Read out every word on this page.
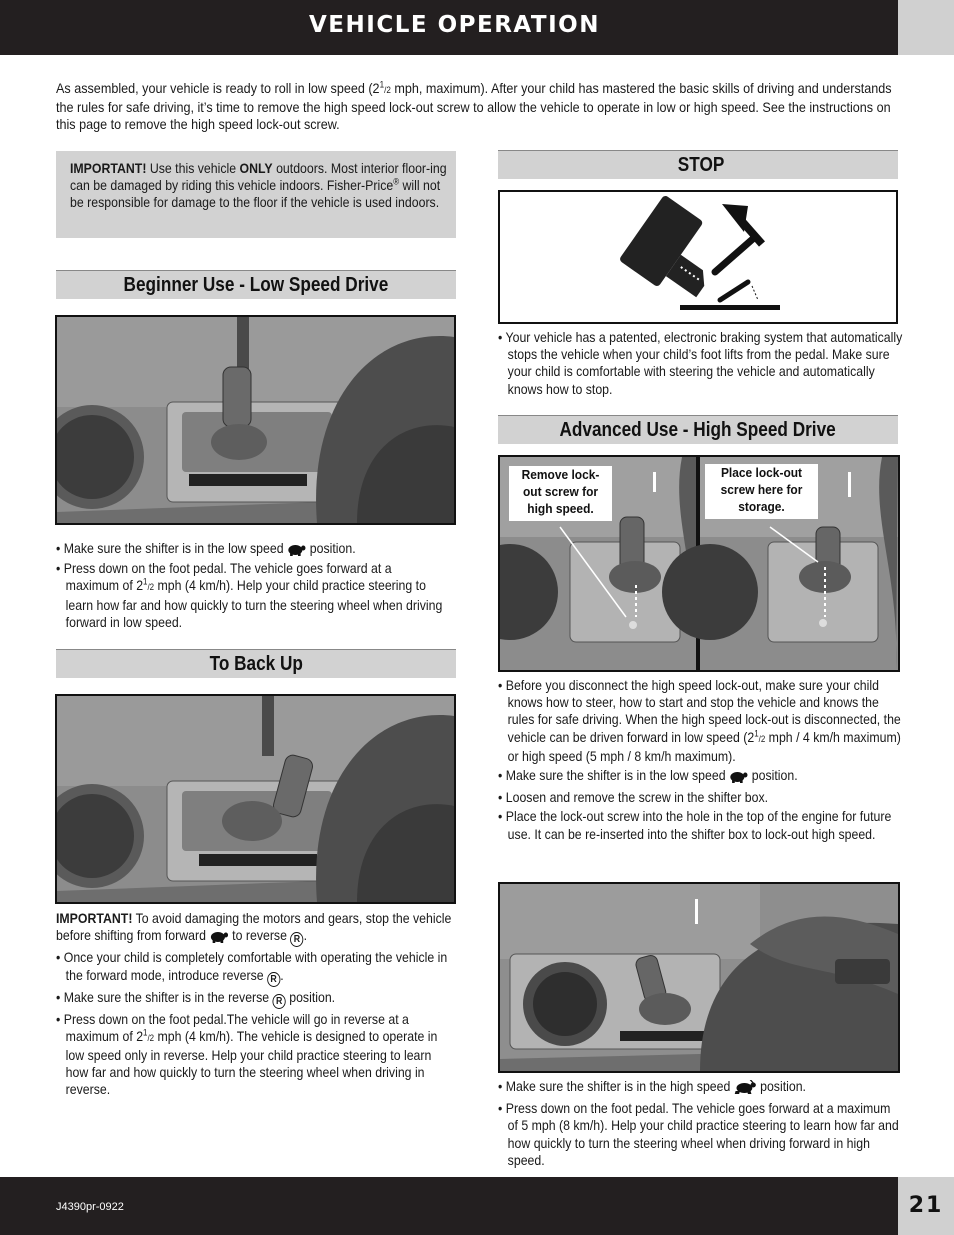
VEHICLE OPERATION
As assembled, your vehicle is ready to roll in low speed ($2^1/2$ mph, maximum). After your child has mastered the basic skills of driving and understands the rules for safe driving, it’s time to remove the high speed lock-out screw to allow the vehicle to operate in low or high speed. See the instructions on this page to remove the high speed lock-out screw.
IMPORTANT! Use this vehicle ONLY outdoors. Most interior floor-ing can be damaged by riding this vehicle indoors. Fisher-Price® will not be responsible for damage to the floor if the vehicle is used indoors.
Beginner Use - Low Speed Drive

• Make sure the shifter is in the low speed  position.

• Press down on the foot pedal. The vehicle goes forward at a maximum of $2^1/2$ mph (4 km/h). Help your child practice steering to learn how far and how quickly to turn the steering wheel when driving forward in low speed.

To Back Up

IMPORTANT! To avoid damaging the motors and gears, stop the vehicle before shifting from forward  to reverse R .

• Once your child is completely comfortable with operating the vehicle in the forward mode, introduce reverse R .

• Make sure the shifter is in the reverse R position.

• Press down on the foot pedal.The vehicle will go in reverse at a maximum of $2^1/2$ mph (4 km/h). The vehicle is designed to operate in low speed only in reverse. Help your child practice steering to learn how far and how quickly to turn the steering wheel when driving in reverse.

STOP

• Your vehicle has a patented, electronic braking system that automatically stops the vehicle when your child’s foot lifts from the pedal. Make sure your child is comfortable with steering the vehicle and automatically knows how to stop.

Advanced Use - High Speed Drive
Remove lock-out screw for high speed.
Place lock-out screw here for storage.

• Before you disconnect the high speed lock-out, make sure your child knows how to steer, how to start and stop the vehicle and knows the rules for safe driving. When the high speed lock-out is disconnected, the vehicle can be driven forward in low speed ($2^1/2$ mph / 4 km/h maximum) or high speed (5 mph / 8 km/h maximum).

• Make sure the shifter is in the low speed  position.

• Loosen and remove the screw in the shifter box.

• Place the lock-out screw into the hole in the top of the engine for future use. It can be re-inserted into the shifter box to lock-out high speed.

• Make sure the shifter is in the high speed  position.

• Press down on the foot pedal. The vehicle goes forward at a maximum of 5 mph (8 km/h). Help your child practice steering to learn how far and how quickly to turn the steering wheel when driving forward in high speed.

J4390pr-0922	21
